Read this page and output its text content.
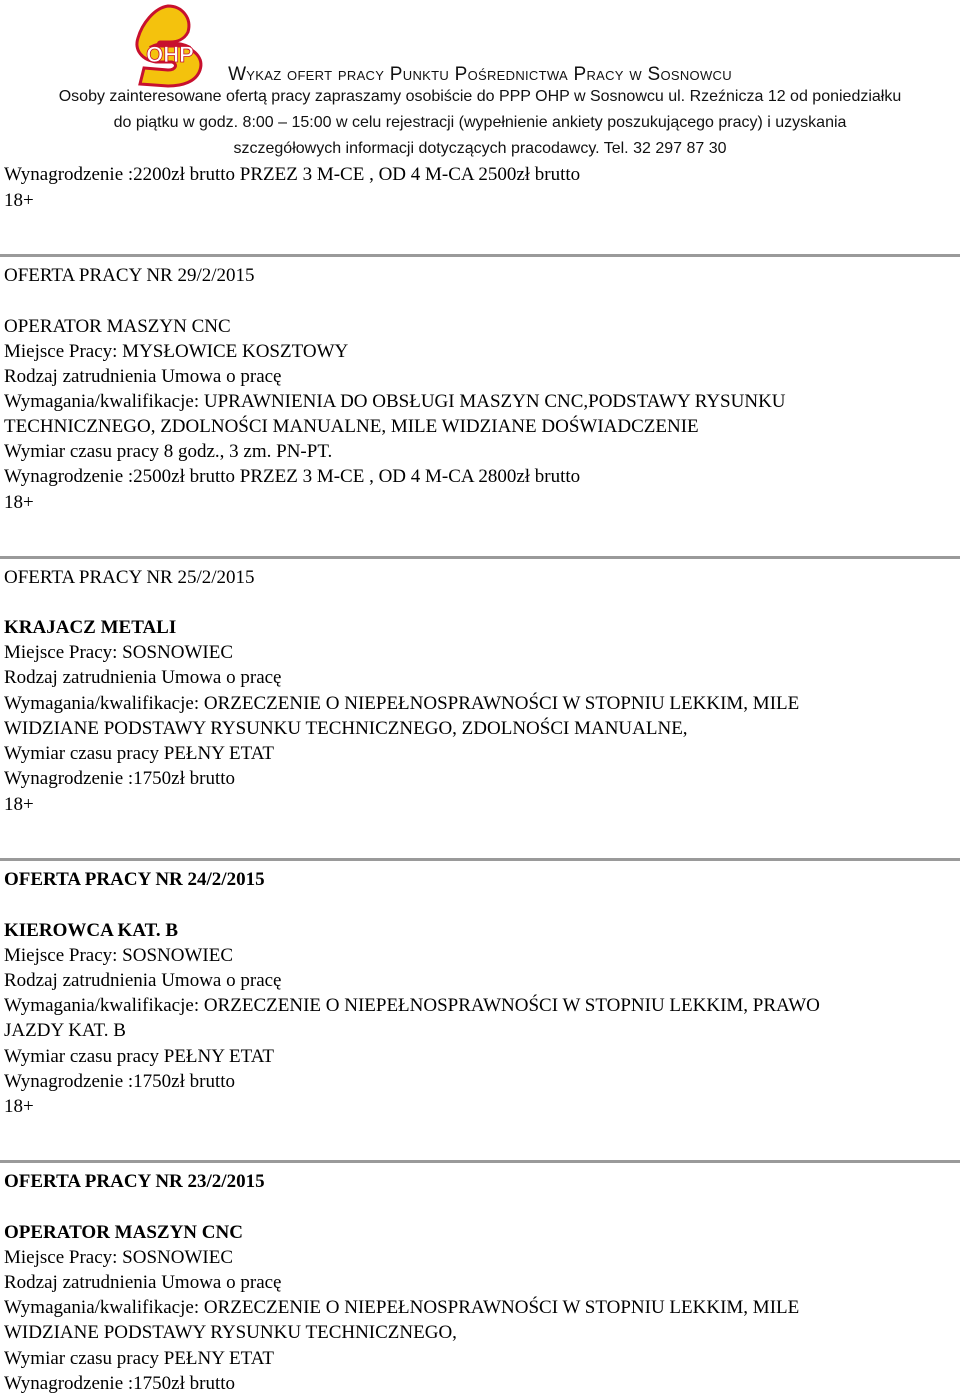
OHP
Wykaz ofert pracy Punktu Pośrednictwa Pracy w Sosnowcu
Osoby zainteresowane ofertą pracy zapraszamy osobiście do PPP OHP w Sosnowcu ul. Rzeźnicza 12 od poniedziałku
do piątku w godz. 8:00 – 15:00 w celu rejestracji (wypełnienie ankiety poszukującego pracy) i uzyskania
szczegółowych informacji dotyczących pracodawcy. Tel. 32 297 87 30
Wynagrodzenie :2200zł brutto PRZEZ 3 M-CE , OD 4 M-CA 2500zł brutto
18+
OFERTA PRACY NR 29/2/2015
OPERATOR MASZYN CNC
Miejsce Pracy: MYSŁOWICE KOSZTOWY
Rodzaj zatrudnienia Umowa o pracę
Wymagania/kwalifikacje: UPRAWNIENIA DO OBSŁUGI MASZYN CNC,PODSTAWY RYSUNKU
TECHNICZNEGO, ZDOLNOŚCI MANUALNE, MILE WIDZIANE DOŚWIADCZENIE
Wymiar czasu pracy 8 godz., 3 zm. PN-PT.
Wynagrodzenie :2500zł brutto PRZEZ 3 M-CE , OD 4 M-CA 2800zł brutto
18+
OFERTA PRACY NR 25/2/2015
KRAJACZ METALI
Miejsce Pracy: SOSNOWIEC
Rodzaj zatrudnienia Umowa o pracę
Wymagania/kwalifikacje: ORZECZENIE O NIEPEŁNOSPRAWNOŚCI W STOPNIU LEKKIM, MILE
WIDZIANE PODSTAWY RYSUNKU TECHNICZNEGO, ZDOLNOŚCI MANUALNE,
Wymiar czasu pracy PEŁNY ETAT
Wynagrodzenie :1750zł brutto
18+
OFERTA PRACY NR 24/2/2015
KIEROWCA KAT. B
Miejsce Pracy: SOSNOWIEC
Rodzaj zatrudnienia Umowa o pracę
Wymagania/kwalifikacje: ORZECZENIE O NIEPEŁNOSPRAWNOŚCI W STOPNIU LEKKIM, PRAWO
JAZDY KAT. B
Wymiar czasu pracy PEŁNY ETAT
Wynagrodzenie :1750zł brutto
18+
OFERTA PRACY NR 23/2/2015
OPERATOR MASZYN CNC
Miejsce Pracy: SOSNOWIEC
Rodzaj zatrudnienia Umowa o pracę
Wymagania/kwalifikacje: ORZECZENIE O NIEPEŁNOSPRAWNOŚCI W STOPNIU LEKKIM, MILE
WIDZIANE PODSTAWY RYSUNKU TECHNICZNEGO,
Wymiar czasu pracy PEŁNY ETAT
Wynagrodzenie :1750zł brutto
